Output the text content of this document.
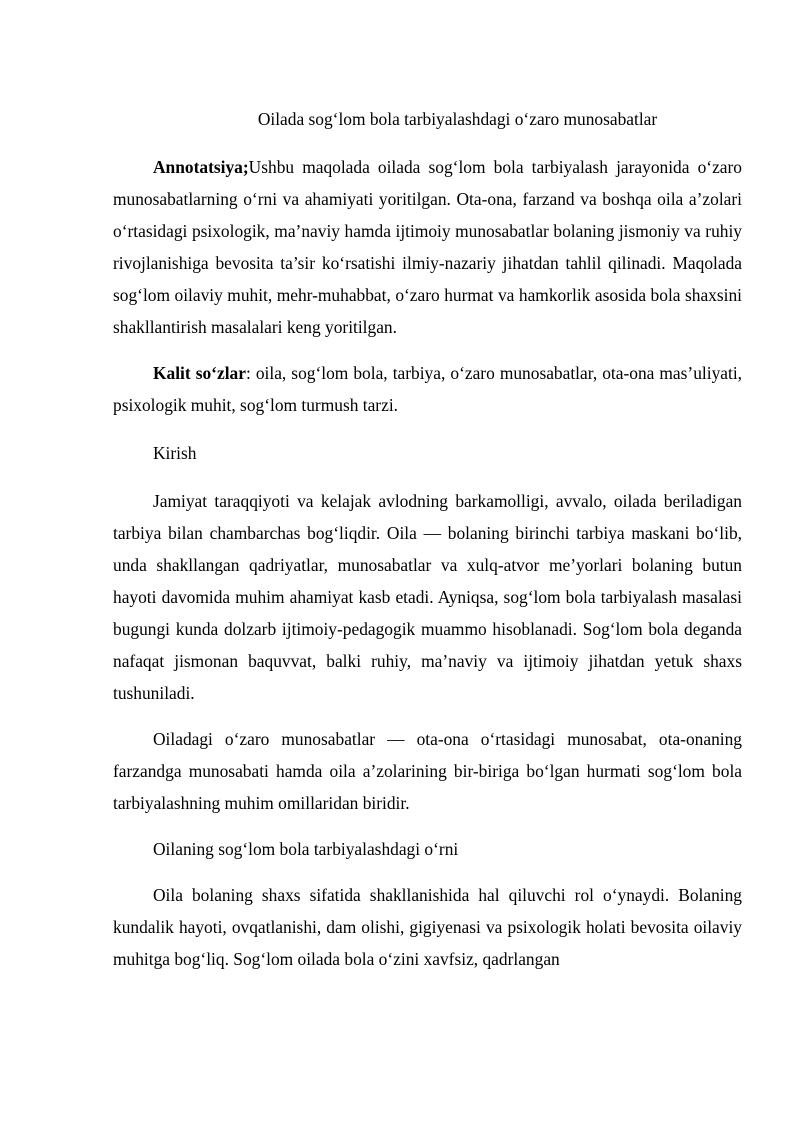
Oilada sog‘lom bola tarbiyalashdagi o‘zaro munosabatlar

Annotatsiya;Ushbu maqolada oilada sog‘lom bola tarbiyalash jarayonida o‘zaro munosabatlarning o‘rni va ahamiyati yoritilgan. Ota-ona, farzand va boshqa oila a’zolari o‘rtasidagi psixologik, ma’naviy hamda ijtimoiy munosabatlar bolaning jismoniy va ruhiy rivojlanishiga bevosita ta’sir ko‘rsatishi ilmiy-nazariy jihatdan tahlil qilinadi. Maqolada sog‘lom oilaviy muhit, mehr-muhabbat, o‘zaro hurmat va hamkorlik asosida bola shaxsini shakllantirish masalalari keng yoritilgan.

Kalit so‘zlar: oila, sog‘lom bola, tarbiya, o‘zaro munosabatlar, ota-ona mas’uliyati, psixologik muhit, sog‘lom turmush tarzi.

Kirish

Jamiyat taraqqiyoti va kelajak avlodning barkamolligi, avvalo, oilada beriladigan tarbiya bilan chambarchas bog‘liqdir. Oila — bolaning birinchi tarbiya maskani bo‘lib, unda shakllangan qadriyatlar, munosabatlar va xulq-atvor me’yorlari bolaning butun hayoti davomida muhim ahamiyat kasb etadi. Ayniqsa, sog‘lom bola tarbiyalash masalasi bugungi kunda dolzarb ijtimoiy-pedagogik muammo hisoblanadi. Sog‘lom bola deganda nafaqat jismonan baquvvat, balki ruhiy, ma’naviy va ijtimoiy jihatdan yetuk shaxs tushuniladi.

Oiladagi o‘zaro munosabatlar — ota-ona o‘rtasidagi munosabat, ota-onaning farzandga munosabati hamda oila a’zolarining bir-biriga bo‘lgan hurmati sog‘lom bola tarbiyalashning muhim omillaridan biridir.

Oilaning sog‘lom bola tarbiyalashdagi o‘rni

Oila bolaning shaxs sifatida shakllanishida hal qiluvchi rol o‘ynaydi. Bolaning kundalik hayoti, ovqatlanishi, dam olishi, gigiyenasi va psixologik holati bevosita oilaviy muhitga bog‘liq. Sog‘lom oilada bola o‘zini xavfsiz, qadrlangan
